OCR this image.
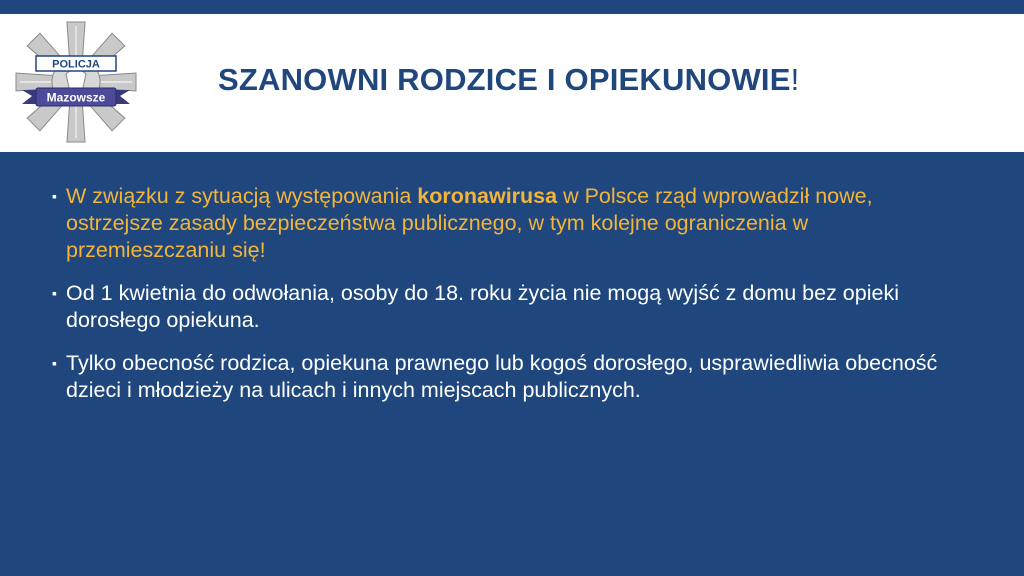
POLICJA
Mazowsze
SZANOWNI RODZICE I OPIEKUNOWIE!
▪ W związku z sytuacją występowania koronawirusa w Polsce rząd wprowadził nowe, ostrzejsze zasady bezpieczeństwa publicznego, w tym kolejne ograniczenia w przemieszczaniu się!
▪ Od 1 kwietnia do odwołania, osoby do 18. roku życia nie mogą wyjść z domu bez opieki dorosłego opiekuna.
▪ Tylko obecność rodzica, opiekuna prawnego lub kogoś dorosłego, usprawiedliwia obecność dzieci i młodzieży na ulicach i innych miejscach publicznych.
